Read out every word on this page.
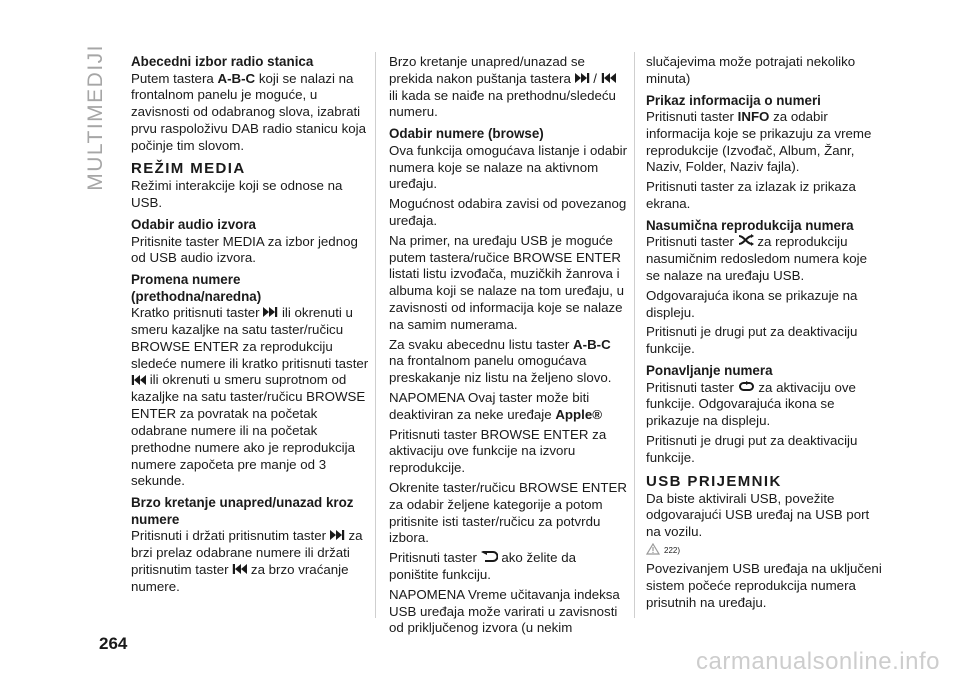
MULTIMEDIJI Abecedni izbor radio stanica

Putem tastera A-B-C koji se nalazi na frontalnom panelu je moguće, u zavisnosti od odabranog slova, izabrati prvu raspoloživu DAB radio stanicu koja počinje tim slovom.

REŽIM MEDIA

Režimi interakcije koji se odnose na USB.

Odabir audio izvora

Pritisnite taster MEDIA za izbor jednog od USB audio izvora.

Promena numere (prethodna/naredna)

Kratko pritisnuti taster  ili okrenuti u smeru kazaljke na satu taster/ručicu BROWSE ENTER za reprodukciju sledeće numere ili kratko pritisnuti taster  ili okrenuti u smeru suprotnom od kazaljke na satu taster/ručicu BROWSE ENTER za povratak na početak odabrane numere ili na početak prethodne numere ako je reprodukcija numere započeta pre manje od 3 sekunde.

Brzo kretanje unapred/unazad kroz numere

Pritisnuti i držati pritisnutim taster  za brzi prelaz odabrane numere ili držati pritisnutim taster  za brzo vraćanje numere.

Brzo kretanje unapred/unazad se prekida nakon puštanja tastera  /  ili kada se naiđe na prethodnu/sledeću numeru.

Odabir numere (browse)

Ova funkcija omogućava listanje i odabir numera koje se nalaze na aktivnom uređaju.

Mogućnost odabira zavisi od povezanog uređaja.

Na primer, na uređaju USB je moguće putem tastera/ručice BROWSE ENTER listati listu izvođača, muzičkih žanrova i albuma koji se nalaze na tom uređaju, u zavisnosti od informacija koje se nalaze na samim numerama.

Za svaku abecednu listu taster A-B-C na frontalnom panelu omogućava preskakanje niz listu na željeno slovo.

NAPOMENA Ovaj taster može biti deaktiviran za neke uređaje Apple®

Pritisnuti taster BROWSE ENTER za aktivaciju ove funkcije na izvoru reprodukcije.

Okrenite taster/ručicu BROWSE ENTER za odabir željene kategorije a potom pritisnite isti taster/ručicu za potvrdu izbora.

Pritisnuti taster  ako želite da poništite funkciju.

NAPOMENA Vreme učitavanja indeksa USB uređaja može varirati u zavisnosti od priključenog izvora (u nekim

slučajevima može potrajati nekoliko minuta)

Prikaz informacija o numeri

Pritisnuti taster INFO za odabir informacija koje se prikazuju za vreme reprodukcije (Izvođač, Album, Žanr, Naziv, Folder, Naziv fajla).

Pritisnuti taster za izlazak iz prikaza ekrana.

Nasumična reprodukcija numera

Pritisnuti taster  za reprodukciju nasumičnim redosledom numera koje se nalaze na uređaju USB.

Odgovarajuća ikona se prikazuje na displeju.

Pritisnuti je drugi put za deaktivaciju funkcije.

Ponavljanje numera

Pritisnuti taster  za aktivaciju ove funkcije. Odgovarajuća ikona se prikazuje na displeju.

Pritisnuti je drugi put za deaktivaciju funkcije.

USB PRIJEMNIK

Da biste aktivirali USB, povežite odgovarajući USB uređaj na USB port na vozilu.

222)

Povezivanjem USB uređaja na uključeni sistem počeće reprodukcija numera prisutnih na uređaju.

264
carmanualsonline.info
